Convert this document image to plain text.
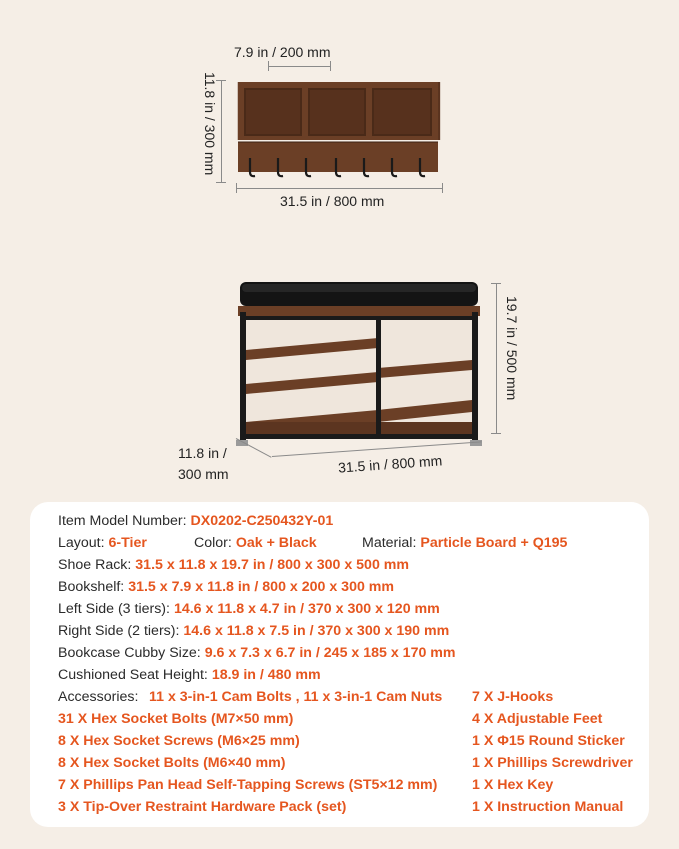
7.9 in / 200 mm
11.8 in / 300 mm
31.5 in / 800 mm
19.7 in / 500 mm
31.5 in / 800 mm
11.8 in /
300 mm
Item Model Number: DX0202-C250432Y-01
Layout: 6-Tier	Color: Oak + Black	Material: Particle Board + Q195
Shoe Rack: 31.5 x 11.8 x 19.7 in / 800 x 300 x 500 mm
Bookshelf: 31.5 x 7.9 x 11.8 in / 800 x 200 x 300 mm
Left Side (3 tiers): 14.6 x 11.8 x 4.7 in / 370 x 300 x 120 mm
Right Side (2 tiers): 14.6 x 11.8 x 7.5 in / 370 x 300 x 190 mm
Bookcase Cubby Size: 9.6 x 7.3 x 6.7 in / 245 x 185 x 170 mm
Cushioned Seat Height: 18.9 in / 480 mm
Accessories: 11 x 3-in-1 Cam Bolts , 11 x 3-in-1 Cam Nuts
31 X Hex Socket Bolts (M7×50 mm)
8 X Hex Socket Screws (M6×25 mm)
8 X Hex Socket Bolts (M6×40 mm)
7 X Phillips Pan Head Self-Tapping Screws (ST5×12 mm)
3 X Tip-Over Restraint Hardware Pack (set)
7 X J-Hooks
4 X Adjustable Feet
1 X Φ15 Round Sticker
1 X Phillips Screwdriver
1 X Hex Key
1 X Instruction Manual
